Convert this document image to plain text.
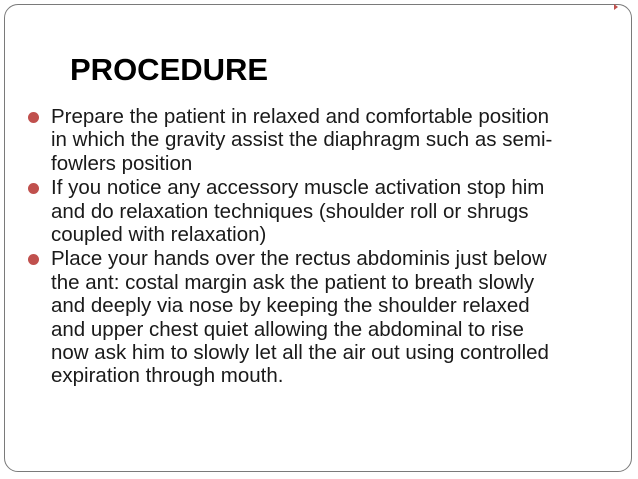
PROCEDURE
Prepare the patient in relaxed and comfortable position
in which the gravity assist the diaphragm such as semi-
fowlers position
If you notice any accessory muscle activation stop him
and do relaxation techniques (shoulder roll or shrugs
coupled with relaxation)
Place your hands over the rectus abdominis just below
the ant: costal margin ask the patient to breath slowly
and deeply via nose by keeping the shoulder relaxed
and upper chest quiet allowing the abdominal to rise
now ask him to slowly let all the air out using controlled
expiration through mouth.
